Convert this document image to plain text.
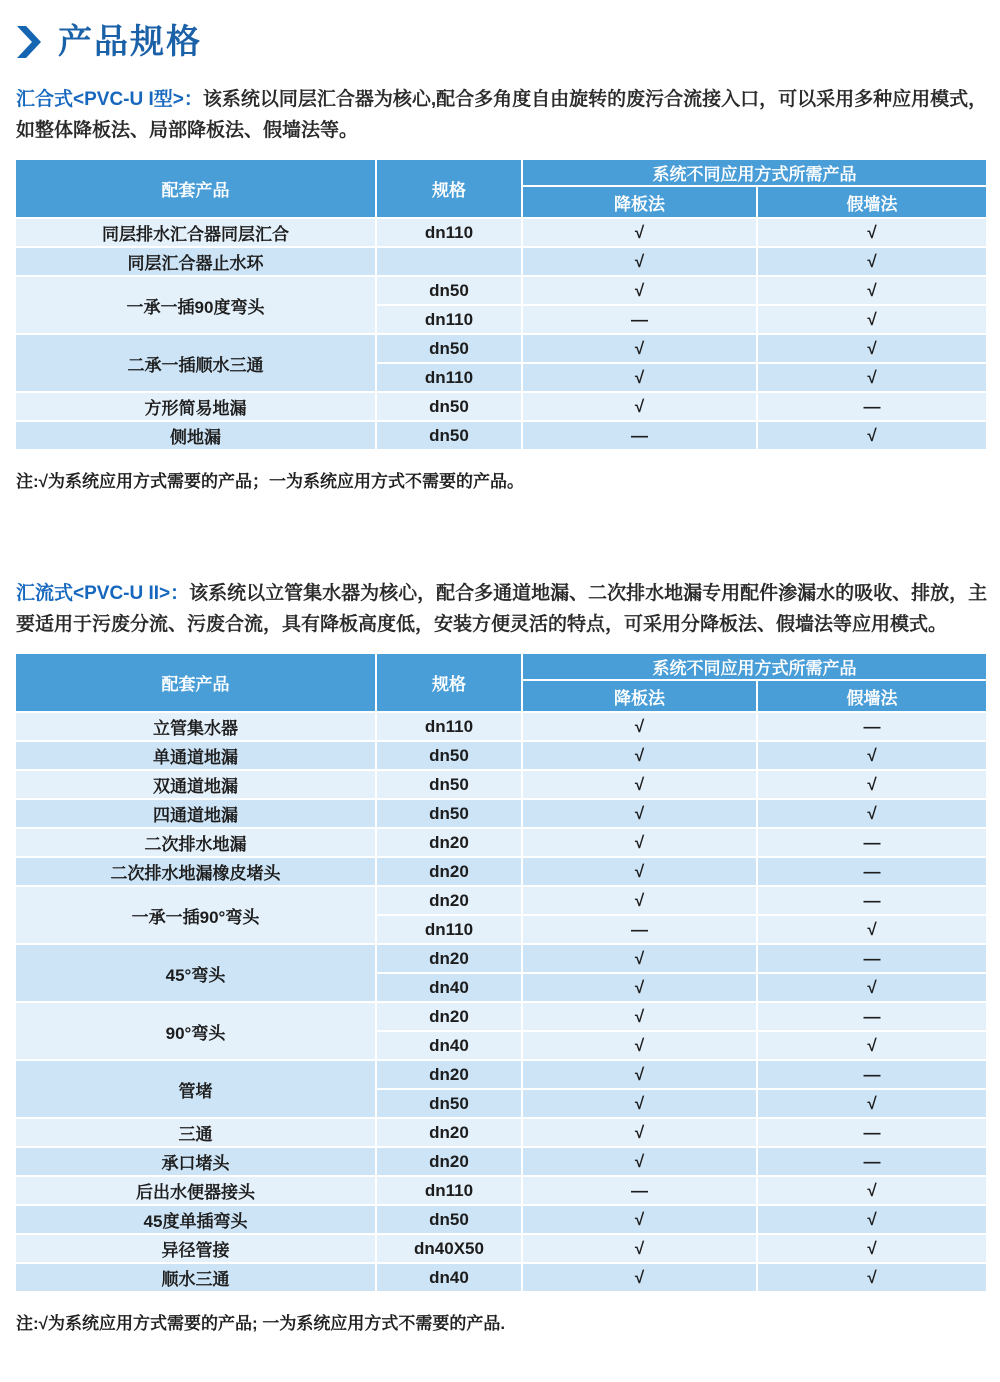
产品规格

汇合式<PVC-U I型>：该系统以同层汇合器为核心,配合多角度自由旋转的废污合流接入口，可以采用多种应用模式，如整体降板法、局部降板法、假墙法等。

配套产品	规格	系统不同应用方式所需产品	
		降板法	假墙法
同层排水汇合器同层汇合	dn110	√	√
同层汇合器止水环		√	√
一承一插90度弯头	dn50	√	√
	dn110	—	√
二承一插顺水三通	dn50	√	√
	dn110	√	√
方形简易地漏	dn50	√	—
侧地漏	dn50	—	√

注:√为系统应用方式需要的产品；一为系统应用方式不需要的产品。

汇流式<PVC-U II>：该系统以立管集水器为核心，配合多通道地漏、二次排水地漏专用配件渗漏水的吸收、排放，主要适用于污废分流、污废合流，具有降板高度低，安装方便灵活的特点，可采用分降板法、假墙法等应用模式。

配套产品	规格	系统不同应用方式所需产品	
		降板法	假墙法
立管集水器	dn110	√	—
单通道地漏	dn50	√	√
双通道地漏	dn50	√	√
四通道地漏	dn50	√	√
二次排水地漏	dn20	√	—
二次排水地漏橡皮堵头	dn20	√	—
一承一插90°弯头	dn20	√	—
	dn110	—	√
45°弯头	dn20	√	—
	dn40	√	√
90°弯头	dn20	√	—
	dn40	√	√
管堵	dn20	√	—
	dn50	√	√
三通	dn20	√	—
承口堵头	dn20	√	—
后出水便器接头	dn110	—	√
45度单插弯头	dn50	√	√
异径管接	dn40X50	√	√
顺水三通	dn40	√	√

注:√为系统应用方式需要的产品; 一为系统应用方式不需要的产品.
